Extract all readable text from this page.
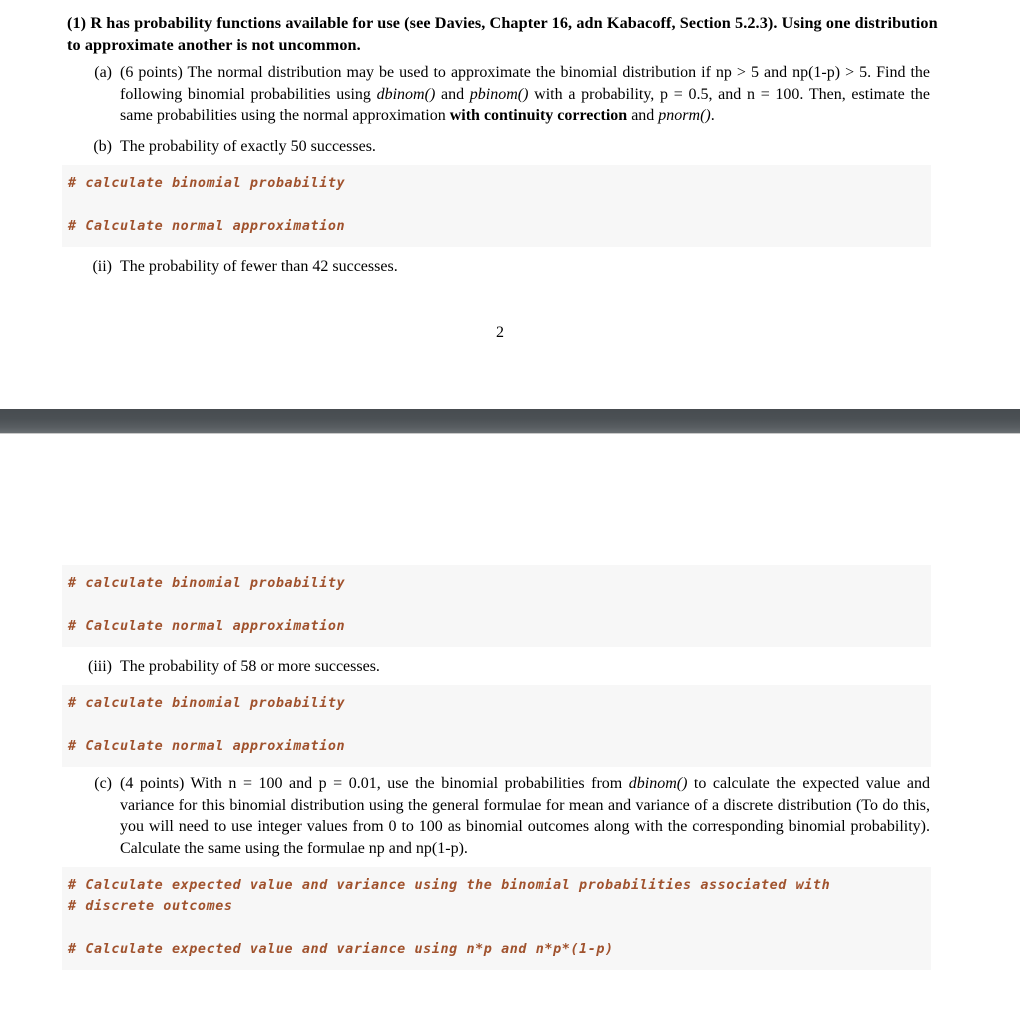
(1) R has probability functions available for use (see Davies, Chapter 16, adn Kabacoff, Section 5.2.3). Using one distribution to approximate another is not uncommon.
(a) (6 points) The normal distribution may be used to approximate the binomial distribution if np > 5 and np(1-p) > 5. Find the following binomial probabilities using dbinom() and pbinom() with a probability, p = 0.5, and n = 100. Then, estimate the same probabilities using the normal approximation with continuity correction and pnorm().
(b) The probability of exactly 50 successes.
# calculate binomial probability
# Calculate normal approximation
(ii) The probability of fewer than 42 successes.
2
# calculate binomial probability
# Calculate normal approximation
(iii) The probability of 58 or more successes.
# calculate binomial probability
# Calculate normal approximation
(c) (4 points) With n = 100 and p = 0.01, use the binomial probabilities from dbinom() to calculate the expected value and variance for this binomial distribution using the general formulae for mean and variance of a discrete distribution (To do this, you will need to use integer values from 0 to 100 as binomial outcomes along with the corresponding binomial probability). Calculate the same using the formulae np and np(1-p).
# Calculate expected value and variance using the binomial probabilities associated with
# discrete outcomes
# Calculate expected value and variance using n*p and n*p*(1-p)
